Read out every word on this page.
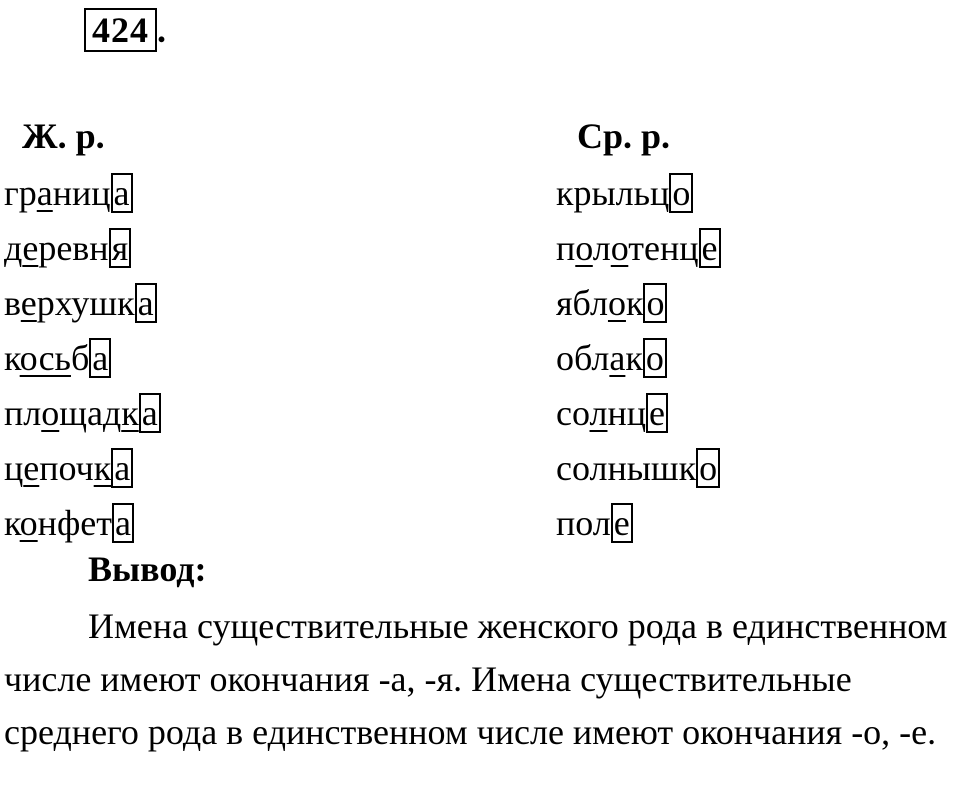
424 .
Ж. р.	Ср. р.
граница
деревня
верхушка
косьба
площадка
цепочка
конфета
крыльцо
полотенце
яблоко
облако
солнце
солнышко
поле
Вывод:
Имена существительные женского рода в единственном числе имеют окончания -а, -я. Имена существительные среднего рода в единственном числе имеют окончания -о, -е.
